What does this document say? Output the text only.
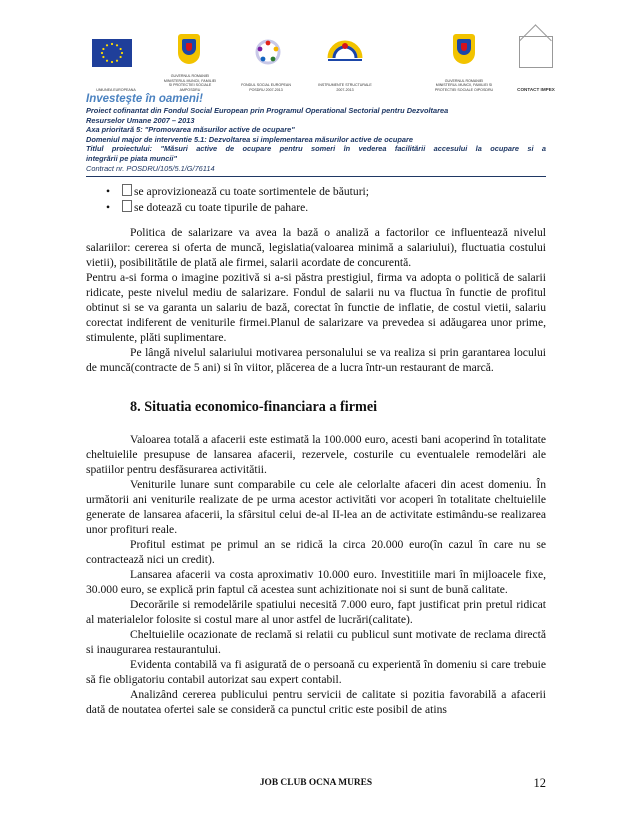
UNIUNEA EUROPEANA
GUVERNUL ROMANIEI MINISTERUL MUNCII, FAMILIEI SI PROTECTIEI SOCIALE AMPOSDRU
FONDUL SOCIAL EUROPEAN POSDRU 2007-2013
INSTRUMENTE STRUCTURALE 2007-2013
GUVERNUL ROMANIEI MINISTERUL MUNCII, FAMILIEI SI PROTECTIEI SOCIALE OIPOSDRU	CONTACT IMPEX
Investeşte în oameni!
Proiect cofinantat din Fondul Social European prin Programul Operational Sectorial pentru Dezvoltarea
Resurselor Umane 2007 – 2013
Axa prioritară 5: "Promovarea măsurilor active de ocupare"
Domeniul major de interventie 5.1: Dezvoltarea si implementarea măsurilor active de ocupare
Titlul proiectului: "Măsuri active de ocupare pentru someri în vederea facilitării accesului la ocupare si a
integrării pe piata muncii"
Contract nr. POSDRU/105/5.1/G/76114
• se aprovizionează cu toate sortimentele de băuturi;
• se dotează cu toate tipurile de pahare.

Politica de salarizare va avea la bază o analiză a factorilor ce influentează nivelul salariilor: cererea si oferta de muncă, legislatia(valoarea minimă a salariului), fluctuatia costului vietii), posibilitătile de plată ale firmei, salarii acordate de concurentă.

Pentru a-si forma o imagine pozitivă si a-si păstra prestigiul, firma va adopta o politică de salarii ridicate, peste nivelul mediu de salarizare. Fondul de salarii nu va fluctua în functie de profitul obtinut si se va garanta un salariu de bază, corectat în functie de inflatie, de costul vietii, salariu corectat indiferent de veniturile firmei.Planul de salarizare va prevedea si adăugarea unor prime, stimulente, plăti suplimentare.

Pe lângă nivelul salariului motivarea personalului se va realiza si prin garantarea locului de muncă(contracte de 5 ani) si în viitor, plăcerea de a lucra într-un restaurant de marcă.

8. Situatia economico-financiara a firmei

Valoarea totală a afacerii este estimată la 100.000 euro, acesti bani acoperind în totalitate cheltuielile presupuse de lansarea afacerii, rezervele, costurile cu eventualele remodelări ale spatiilor pentru desfăsurarea activitătii.

Veniturile lunare sunt comparabile cu cele ale celorlalte afaceri din acest domeniu. În următorii ani veniturile realizate de pe urma acestor activităti vor acoperi în totalitate cheltuielile generate de lansarea afacerii, la sfârsitul celui de-al II-lea an de activitate estimându-se realizarea unor profituri reale.

Profitul estimat pe primul an se ridică la circa 20.000 euro(în cazul în care nu se contractează nici un credit).

Lansarea afacerii va costa aproximativ 10.000 euro. Investitiile mari în mijloacele fixe, 30.000 euro, se explică prin faptul că acestea sunt achizitionate noi si sunt de bună calitate.

Decorările si remodelările spatiului necesită 7.000 euro, fapt justificat prin pretul ridicat al materialelor folosite si costul mare al unor astfel de lucrări(calitate).

Cheltuielile ocazionate de reclamă si relatii cu publicul sunt motivate de reclama directă si inaugurarea restaurantului.

Evidenta contabilă va fi asigurată de o persoană cu experientă în domeniu si care trebuie să fie obligatoriu contabil autorizat sau expert contabil.

Analizând cererea publicului pentru servicii de calitate si pozitia favorabilă a afacerii dată de noutatea ofertei sale se consideră ca punctul critic este posibil de atins

JOB CLUB OCNA MURES	12
